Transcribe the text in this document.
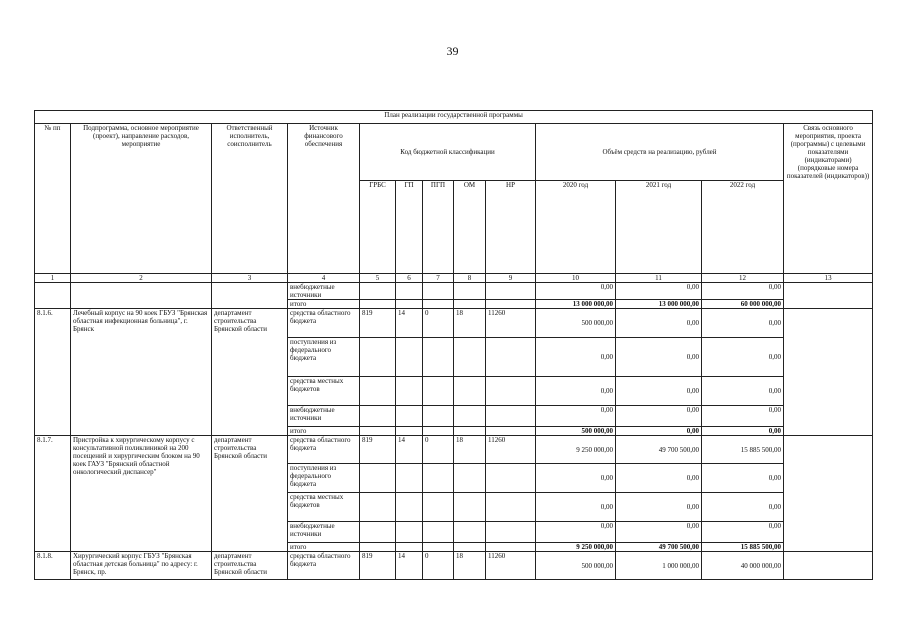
39
План реализации государственной программы												
№ пп	Подпрограмма, основное мероприятие (проект), направление расходов, мероприятие	Ответственный исполнитель, соисполнитель	Источник финансового обеспечения	Код бюджетной классификации					Объём средств на реализацию, рублей			Связь основного мероприятия, проекта (программы) с целевыми показателями (индикаторами) (порядковые номера показателей (индикаторов))
				ГРБС	ГП	ПГП	ОМ	НР	2020 год	2021 год	2022 год	
1	2	3	4	5	6	7	8	9	10	11	12	13
			внебюджетные источники						0,00	0,00	0,00	
			итого						13 000 000,00	13 000 000,00	60 000 000,00	
8.1.6.	Лечебный корпус на 90 коек ГБУЗ "Брянская областная инфекционная больница", г. Брянск	департамент строительства Брянской области	средства областного бюджета	819	14	0	18	11260	500 000,00	0,00	0,00	
			поступления из федерального бюджета						0,00	0,00	0,00	
			средства местных бюджетов						0,00	0,00	0,00	
			внебюджетные источники						0,00	0,00	0,00	
			итого						500 000,00	0,00	0,00	
8.1.7.	Пристройка к хирургическому корпусу с консультативной поликлиникой на 200 посещений и хирургическим блоком на 90 коек ГАУЗ "Брянский областной онкологический диспансер"	департамент строительства Брянской области	средства областного бюджета	819	14	0	18	11260	9 250 000,00	49 700 500,00	15 885 500,00	
			поступления из федерального бюджета						0,00	0,00	0,00	
			средства местных бюджетов						0,00	0,00	0,00	
			внебюджетные источники						0,00	0,00	0,00	
			итого						9 250 000,00	49 700 500,00	15 885 500,00	
8.1.8.	Хирургический корпус ГБУЗ "Брянская областная детская больница" по адресу: г. Брянск, пр.	департамент строительства Брянской области	средства областного бюджета	819	14	0	18	11260	500 000,00	1 000 000,00	40 000 000,00	
